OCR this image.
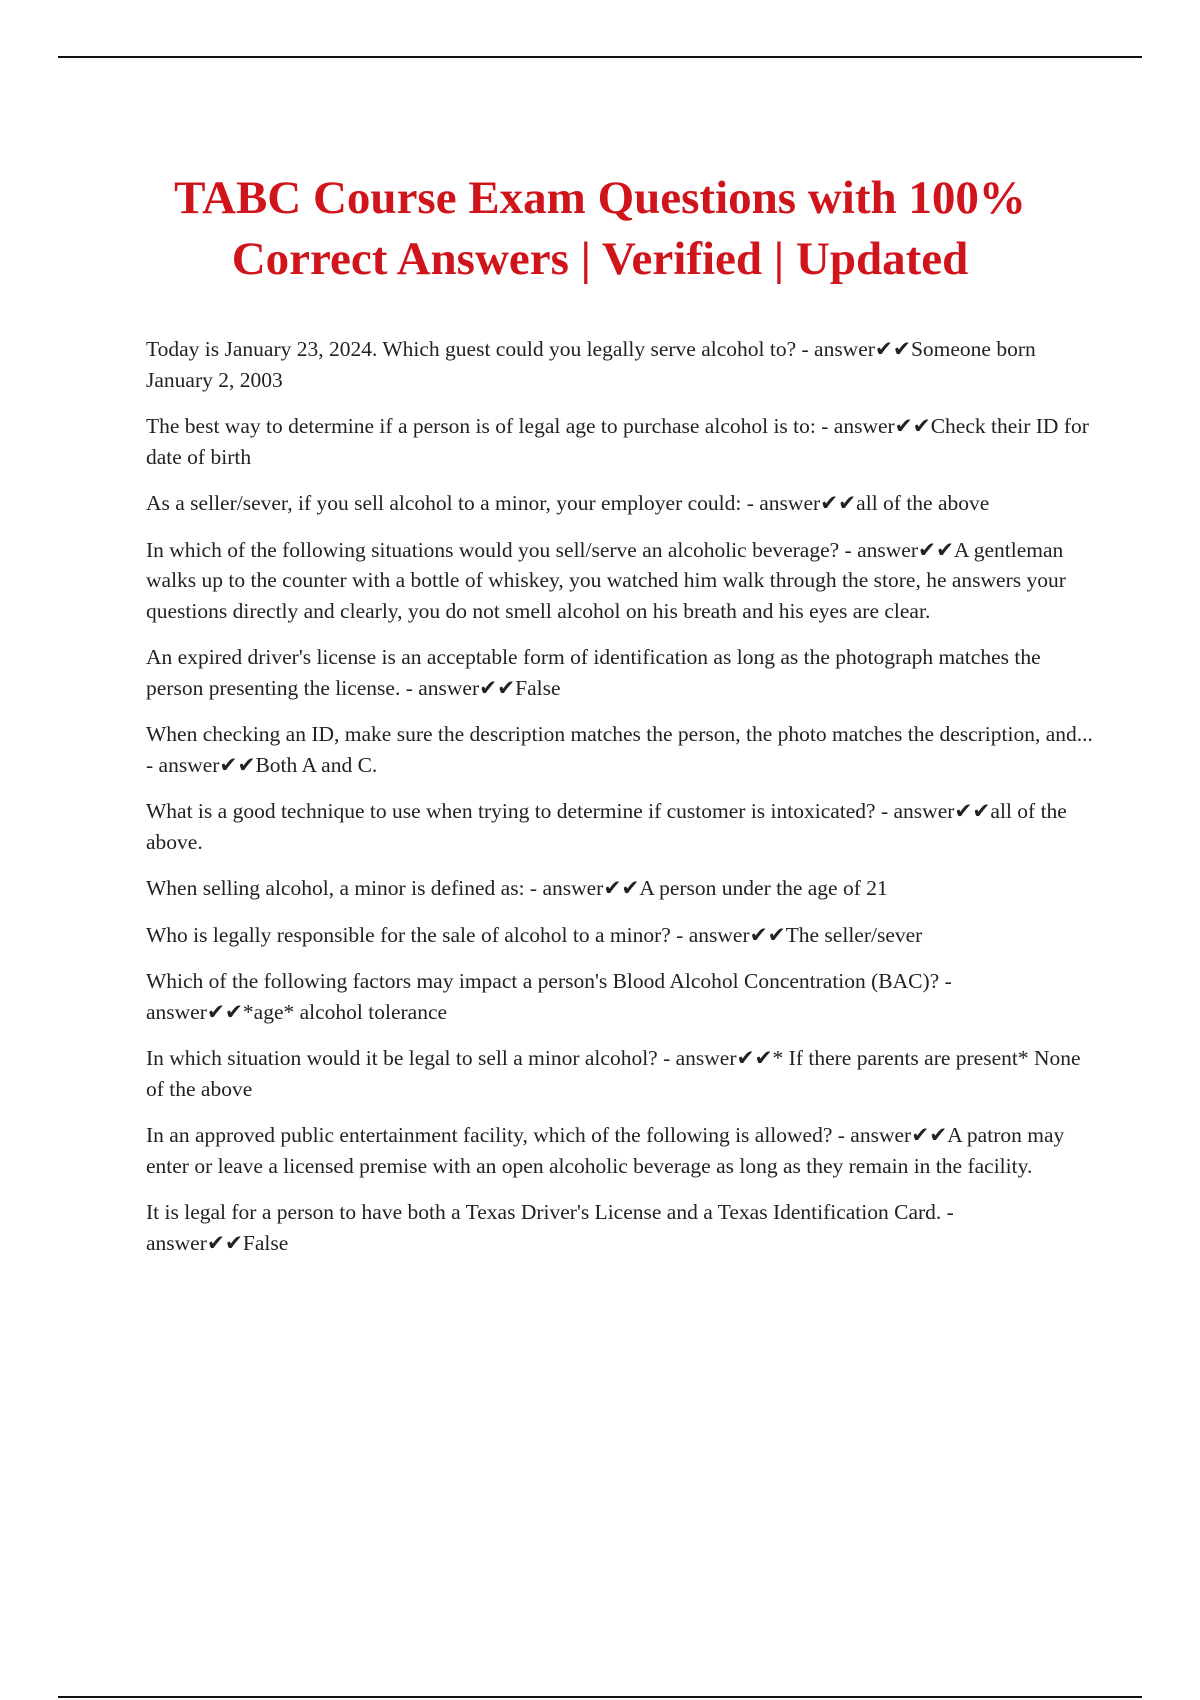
TABC Course Exam Questions with 100%
Correct Answers | Verified | Updated

Today is January 23, 2024. Which guest could you legally serve alcohol to? - answer✔✔Someone born January 2, 2003

The best way to determine if a person is of legal age to purchase alcohol is to: - answer✔✔Check their ID for date of birth

As a seller/sever, if you sell alcohol to a minor, your employer could: - answer✔✔all of the above

In which of the following situations would you sell/serve an alcoholic beverage? - answer✔✔A gentleman walks up to the counter with a bottle of whiskey, you watched him walk through the store, he answers your questions directly and clearly, you do not smell alcohol on his breath and his eyes are clear.

An expired driver's license is an acceptable form of identification as long as the photograph matches the person presenting the license. - answer✔✔False

When checking an ID, make sure the description matches the person, the photo matches the description, and... - answer✔✔Both A and C.

What is a good technique to use when trying to determine if customer is intoxicated? - answer✔✔all of the above.

When selling alcohol, a minor is defined as: - answer✔✔A person under the age of 21

Who is legally responsible for the sale of alcohol to a minor? - answer✔✔The seller/sever

Which of the following factors may impact a person's Blood Alcohol Concentration (BAC)? - answer✔✔*age* alcohol tolerance

In which situation would it be legal to sell a minor alcohol? - answer✔✔* If there parents are present* None of the above

In an approved public entertainment facility, which of the following is allowed? - answer✔✔A patron may enter or leave a licensed premise with an open alcoholic beverage as long as they remain in the facility.

It is legal for a person to have both a Texas Driver's License and a Texas Identification Card. - answer✔✔False
